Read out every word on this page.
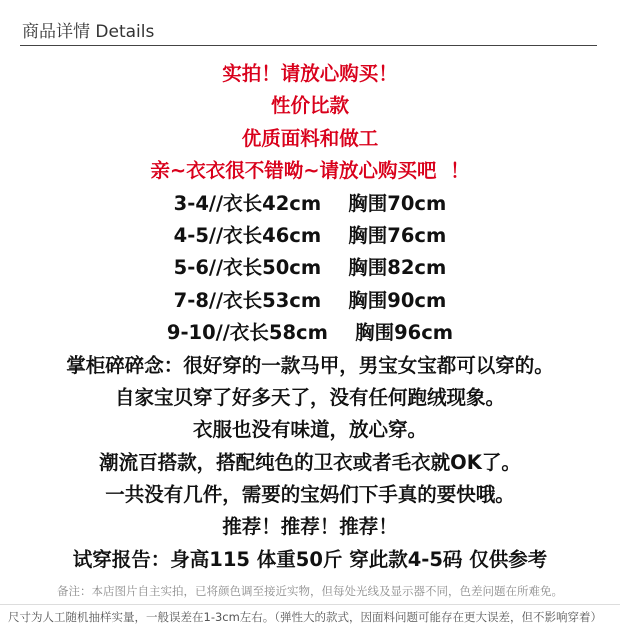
商品详情 Details
实拍！请放心购买！
性价比款
优质面料和做工
亲~衣衣很不错呦~请放心购买吧  ！
3-4//衣长42cm    胸围70cm
4-5//衣长46cm    胸围76cm
5-6//衣长50cm    胸围82cm
7-8//衣长53cm    胸围90cm
9-10//衣长58cm    胸围96cm
掌柜碎碎念：很好穿的一款马甲，男宝女宝都可以穿的。
自家宝贝穿了好多天了，没有任何跑绒现象。
衣服也没有味道，放心穿。
潮流百搭款，搭配纯色的卫衣或者毛衣就OK了。
一共没有几件，需要的宝妈们下手真的要快哦。
推荐！推荐！推荐！
试穿报告：身高115 体重50斤 穿此款4-5码 仅供参考
备注：本店图片自主实拍，已将颜色调至接近实物，但每处光线及显示器不同，色差问题在所难免。
尺寸为人工随机抽样实量，一般误差在1-3cm左右。（弹性大的款式，因面料问题可能存在更大误差，但不影响穿着）
